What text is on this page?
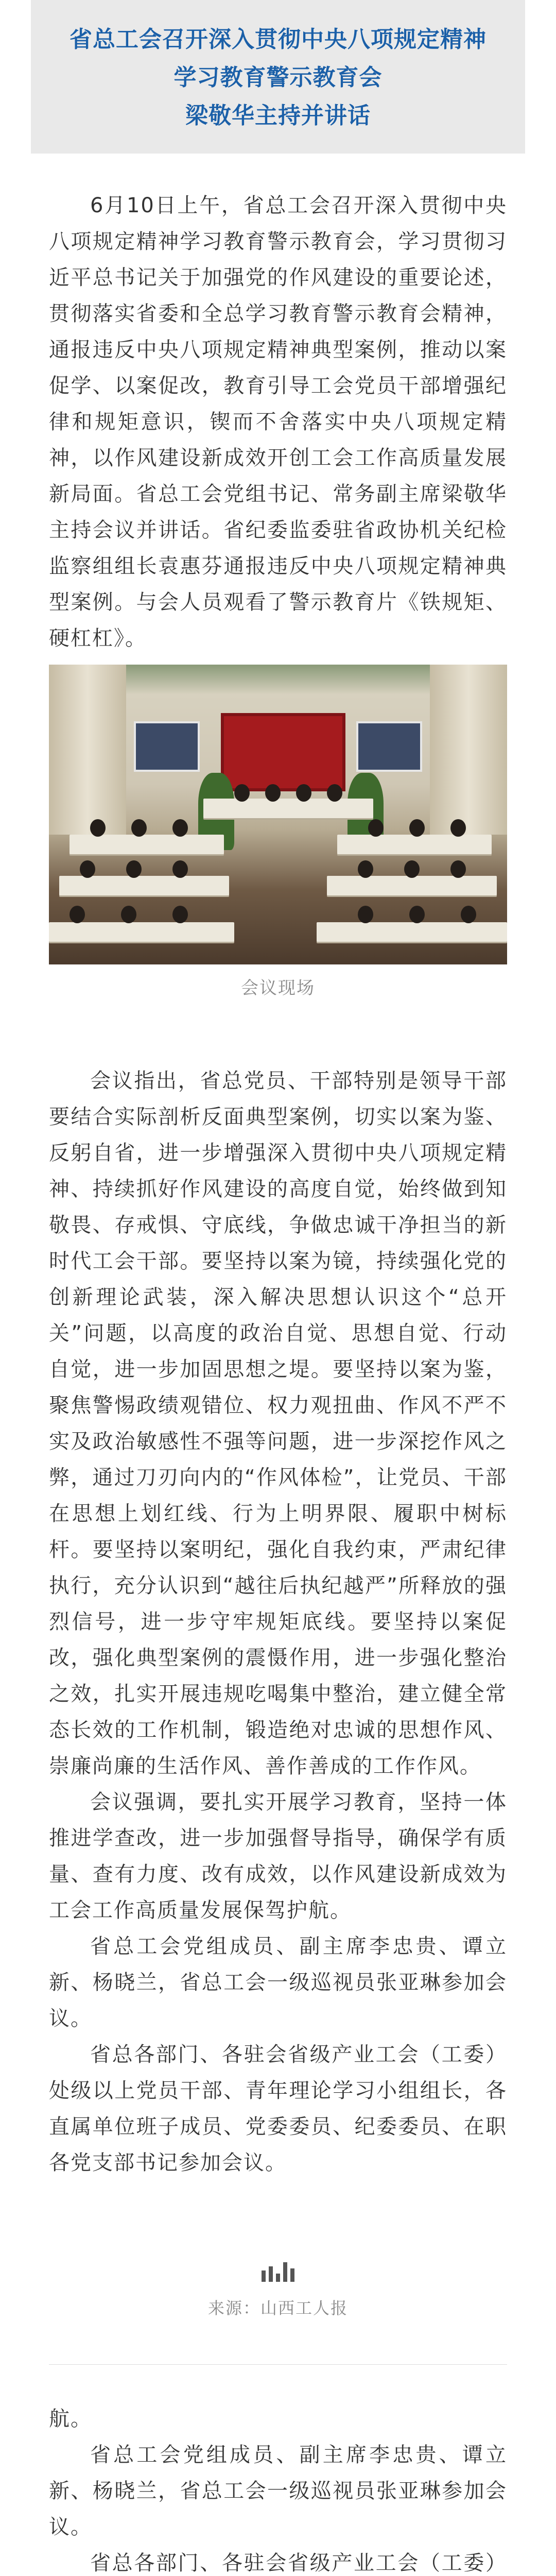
省总工会召开深入贯彻中央八项规定精神
学习教育警示教育会
梁敬华主持并讲话

6月10日上午，省总工会召开深入贯彻中央八项规定精神学习教育警示教育会，学习贯彻习近平总书记关于加强党的作风建设的重要论述，贯彻落实省委和全总学习教育警示教育会精神，通报违反中央八项规定精神典型案例，推动以案促学、以案促改，教育引导工会党员干部增强纪律和规矩意识，锲而不舍落实中央八项规定精神，以作风建设新成效开创工会工作高质量发展新局面。省总工会党组书记、常务副主席梁敬华主持会议并讲话。省纪委监委驻省政协机关纪检监察组组长袁惠芬通报违反中央八项规定精神典型案例。与会人员观看了警示教育片《铁规矩、硬杠杠》。

会议现场

会议指出，省总党员、干部特别是领导干部要结合实际剖析反面典型案例，切实以案为鉴、反躬自省，进一步增强深入贯彻中央八项规定精神、持续抓好作风建设的高度自觉，始终做到知敬畏、存戒惧、守底线，争做忠诚干净担当的新时代工会干部。要坚持以案为镜，持续强化党的创新理论武装，深入解决思想认识这个“总开关”问题，以高度的政治自觉、思想自觉、行动自觉，进一步加固思想之堤。要坚持以案为鉴，聚焦警惕政绩观错位、权力观扭曲、作风不严不实及政治敏感性不强等问题，进一步深挖作风之弊，通过刀刃向内的“作风体检”，让党员、干部在思想上划红线、行为上明界限、履职中树标杆。要坚持以案明纪，强化自我约束，严肃纪律执行，充分认识到“越往后执纪越严”所释放的强烈信号，进一步守牢规矩底线。要坚持以案促改，强化典型案例的震慑作用，进一步强化整治之效，扎实开展违规吃喝集中整治，建立健全常态长效的工作机制，锻造绝对忠诚的思想作风、崇廉尚廉的生活作风、善作善成的工作作风。

会议强调，要扎实开展学习教育，坚持一体推进学查改，进一步加强督导指导，确保学有质量、查有力度、改有成效，以作风建设新成效为工会工作高质量发展保驾护航。

省总工会党组成员、副主席李忠贵、谭立新、杨晓兰，省总工会一级巡视员张亚琳参加会议。

省总各部门、各驻会省级产业工会（工委）处级以上党员干部、青年理论学习小组组长，各直属单位班子成员、党委委员、纪委委员、在职各党支部书记参加会议。

来源：山西工人报

航。

省总工会党组成员、副主席李忠贵、谭立新、杨晓兰，省总工会一级巡视员张亚琳参加会议。

省总各部门、各驻会省级产业工会（工委）
